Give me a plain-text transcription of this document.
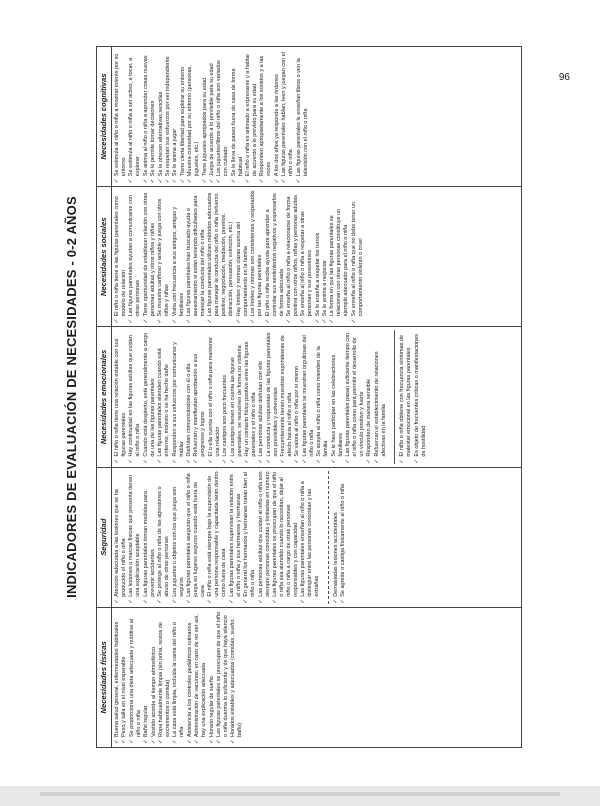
96
INDICADORES DE EVALUACIÓN DE NECESIDADES - 0-2 AÑOS
Necesidades físicas	✓ Buena salud general, enfermedades habituales ✓ Peso y talla en el nivel esperable ✓ Se proporciona una dieta adecuada y nutritiva al niño o niña ✓ Baño regular ✓ Vestido acorde al tiempo atmosférico ✓ Ropa habitualmente limpia (sin orina, restos de excrementos o comida) ✓ La casa está limpia, incluida la cama del niño o niña ✓ Asistencia a los controles pediátricos rutinarios ✓ Administración de vacunas; en caso de no ser así, hay una explicación adecuada ✓ Horario regular de sueño ✓ Las figuras parentales se preocupan de que el niño o niña duerma lo suficiente y de que haya silencio ✓ Horarios estables y adecuados (comidas, sueño, baño)
Seguridad	✓ Atención adecuada a las lesiones que se ha producido el niño o niña ✓ Las lesiones o marcas físicas que presenta tienen una explicación aceptable ✓ Las figuras parentales toman medidas para prevenir accidentes ✓ Se protege al niño o niña de las agresiones o abuso de otras personas ✓ Los juguetes u objetos con los que juega son seguros ✓ Las figuras parentales aseguran que el niño o niña juega en lugares seguros cuando está fuera de casa ✓ El niño o niña está siempre bajo la supervisión de una persona responsable y capacitada tanto dentro como fuera de casa ✓ Las figuras parentales supervisan la relación entre el niño o niña y sus hermanos y hermanas ✓ En general los hermanos y hermanas tratan bien al niño o niña ✓ Las personas adultas que cuidan al niño o niña son siempre personas conocidas y limitadas en número ✓ Las figuras parentales se preocupan de que el niño o niña sea atendido cuando lo necesitan, dejar al niño o niña a cargo de otras personas responsables y con capacidad ✓ Las figuras parentales enseñan al niño o niña a distinguir entre las personas conocidas y las extrañas ✓ Demasiadas lesiones accidentales ✓ Se agrede o castiga físicamente al niño o niña
Necesidades emocionales	✓ El niño o niña tiene una relación estable con sus figuras parentales ✓ Hay continuidad en las figuras adultas que cuidan al niño o niña ✓ Cuando está despierto, está generalmente a cargo de una de las figuras parentales ✓ Las figuras parentales atienden cuando está enfermo, molesto o se ha hecho daño ✓ Responden a sus esfuerzos por comunicarse y hablar ✓ Disfrutan comunicándose con él o ella ✓ Refuerzan y manifiestan aprobación a sus progresos y logros ✓ El o ella cuenta con el niño o niña para mantener una relación ✓ Los castigos son poco frecuentes ✓ Los castigos tienen en cuenta las figuras parentales, se resuelven de forma no violenta ✓ Hay un contacto físico positivo entre las figuras parentales y el niño o niña ✓ Las personas adultas disfrutan con ello ✓ La conducta y respuestas de las figuras parentales son previsibles y coherentes ✓ Frecuentemente tienen muestras espontáneas de afecto hacia el niño o niña ✓ Se valora al niño o niña por sí mismo ✓ Las figuras parentales se muestran orgullosas del niño o niña ✓ Se acepta al niño o niña como miembro de la familia ✓ Se le hace participar en las celebraciones familiares ✓ Las figuras parentales pasan suficiente tiempo con el niño o niña como para permitir el desarrollo de un vínculo positivo y fuerte ✓ Responden de manera sensible ✓ Refuerzan el establecimiento de relaciones afectivas en la familia ✓ El niño o niña obtiene con frecuencia síntomas de malestar emocional en las figuras parentales ✓ Es objeto de frecuentes críticas o manifestaciones de hostilidad
Necesidades sociales	✓ El niño o niña tiene a las figuras parentales como modelo de relación ✓ Las figuras parentales ayudan a comunicarse con otras personas ✓ Tiene oportunidad de establecer relación con otras personas adultas y otros niños y niñas ✓ Se muestra cariñoso y amable y juega con otros niños y niñas ✓ Visita con frecuencia a sus amigos, amigas y familiares ✓ Las figuras parentales han buscado ayuda o asesoramiento si están teniendo dificultades para manejar la conducta del niño o niña ✓ Las figuras parentales utilizan métodos adecuados para manejar la conducta del niño o niña (refuerzo positivo, negociación, mediación, premios, distracción, persuasión, extinción, etc.) ✓ Hay límites y normas claras acerca del comportamiento en la familia ✓ Los límites y normas son consistentes y respetados por las figuras parentales ✓ El niño o niña recibe ayuda para aprender a controlar sus sentimientos negativos y expresarlos de forma adecuada ✓ Se enseña al niño o niña a relacionarse de forma positiva con otros niños, niñas y personas adultas ✓ Se enseña al niño o niña a respetar a otras personas y sus posesiones ✓ Se le enseña a respetar los turnos ✓ Se le anima a negociar ✓ La forma en que las figuras parentales se relacionan con otras personas constituye un ejemplo adecuado para el niño o niña ✓ Se enseña al niño o niña que no debe tener un comportamiento violento o cruel
Necesidades cognitivas	✓ Se estimula al niño o niña a mostrar interés por su entorno ✓ Se estimula al niño o niña a ser activo, a tocar, a explorar ✓ Se anima al niño o niña a aprender cosas nuevas ✓ Se le permite tomar decisiones ✓ Se le ofrecen alternativas sencillas ✓ Se respetan sus esfuerzos por ser independiente ✓ Se le anima a jugar ✓ Tiene cierta libertad para explorar su entorno ✓ Muestra curiosidad por su entorno (personas, juguetes, etc.) ✓ Tiene juguetes apropiados para su edad ✓ Juega de acuerdo a lo previsible para su edad ✓ Los juguetes/libros del niño o niña son variados con cuidado ✓ Se le lleva de paseo fuera de casa de forma habitual ✓ El niño o niña es animado a expresarse y a hablar de acuerdo a lo previsto para su edad ✓ Responden apropiadamente a los sonidos y a las voces ✓ A los dos años ya responde a las órdenes ✓ Las figuras parentales hablan, leen y juegan con el niño o niña ✓ Las figuras parentales le enseñan libros o ven la televisión con el niño o niña
